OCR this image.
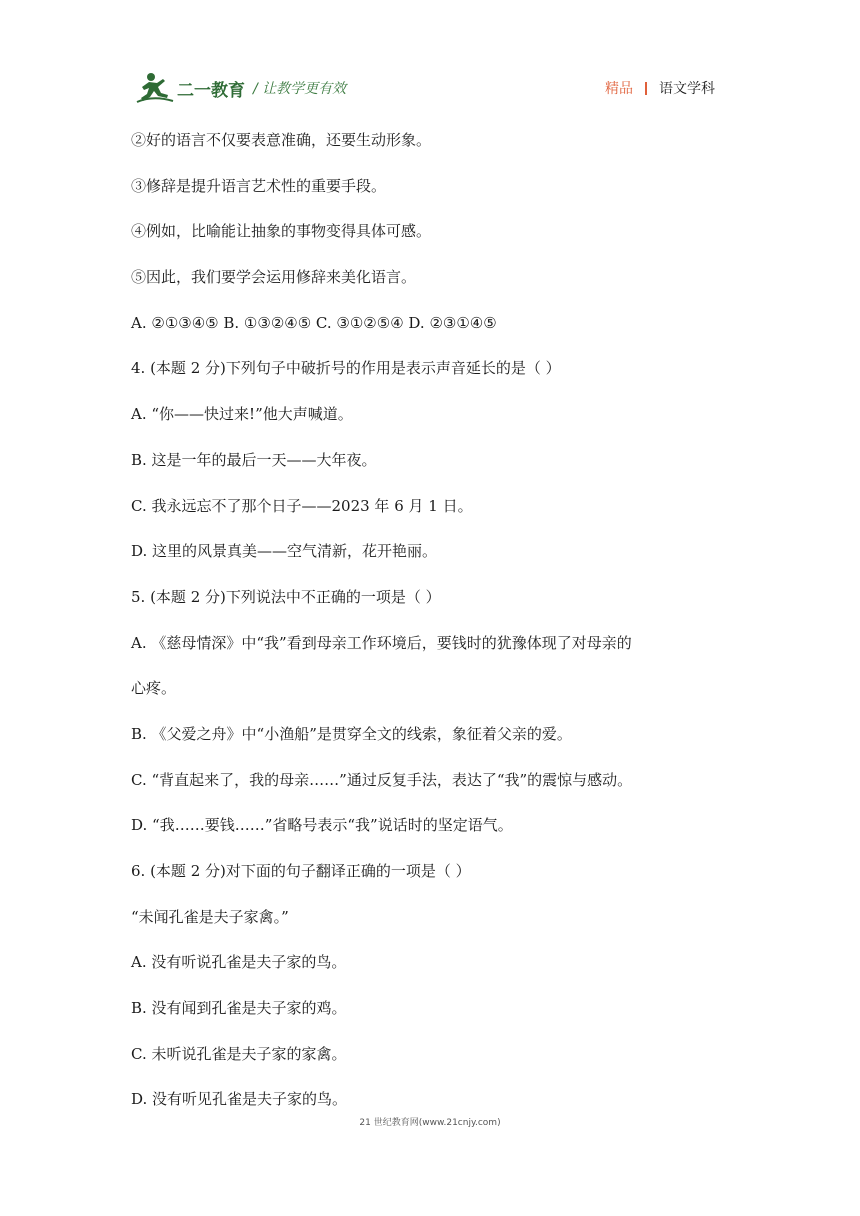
二一教育 / 让教学更有效	精品 语文学科
②好的语言不仅要表意准确，还要生动形象。
③修辞是提升语言艺术性的重要手段。
④例如，比喻能让抽象的事物变得具体可感。
⑤因此，我们要学会运用修辞来美化语言。
A. ②①③④⑤ B. ①③②④⑤ C. ③①②⑤④ D. ②③①④⑤
4. (本题 2 分)下列句子中破折号的作用是表示声音延长的是（ ）
A. “你——快过来!”他大声喊道。
B. 这是一年的最后一天——大年夜。
C. 我永远忘不了那个日子——2023 年 6 月 1 日。
D. 这里的风景真美——空气清新，花开艳丽。
5. (本题 2 分)下列说法中不正确的一项是（ ）
A. 《慈母情深》中“我”看到母亲工作环境后，要钱时的犹豫体现了对母亲的
心疼。
B. 《父爱之舟》中“小渔船”是贯穿全文的线索，象征着父亲的爱。
C. “背直起来了，我的母亲……”通过反复手法，表达了“我”的震惊与感动。
D. “我……要钱……”省略号表示“我”说话时的坚定语气。
6. (本题 2 分)对下面的句子翻译正确的一项是（ ）
“未闻孔雀是夫子家禽。”
A. 没有听说孔雀是夫子家的鸟。
B. 没有闻到孔雀是夫子家的鸡。
C. 未听说孔雀是夫子家的家禽。
D. 没有听见孔雀是夫子家的鸟。
21 世纪教育网(www.21cnjy.com)
